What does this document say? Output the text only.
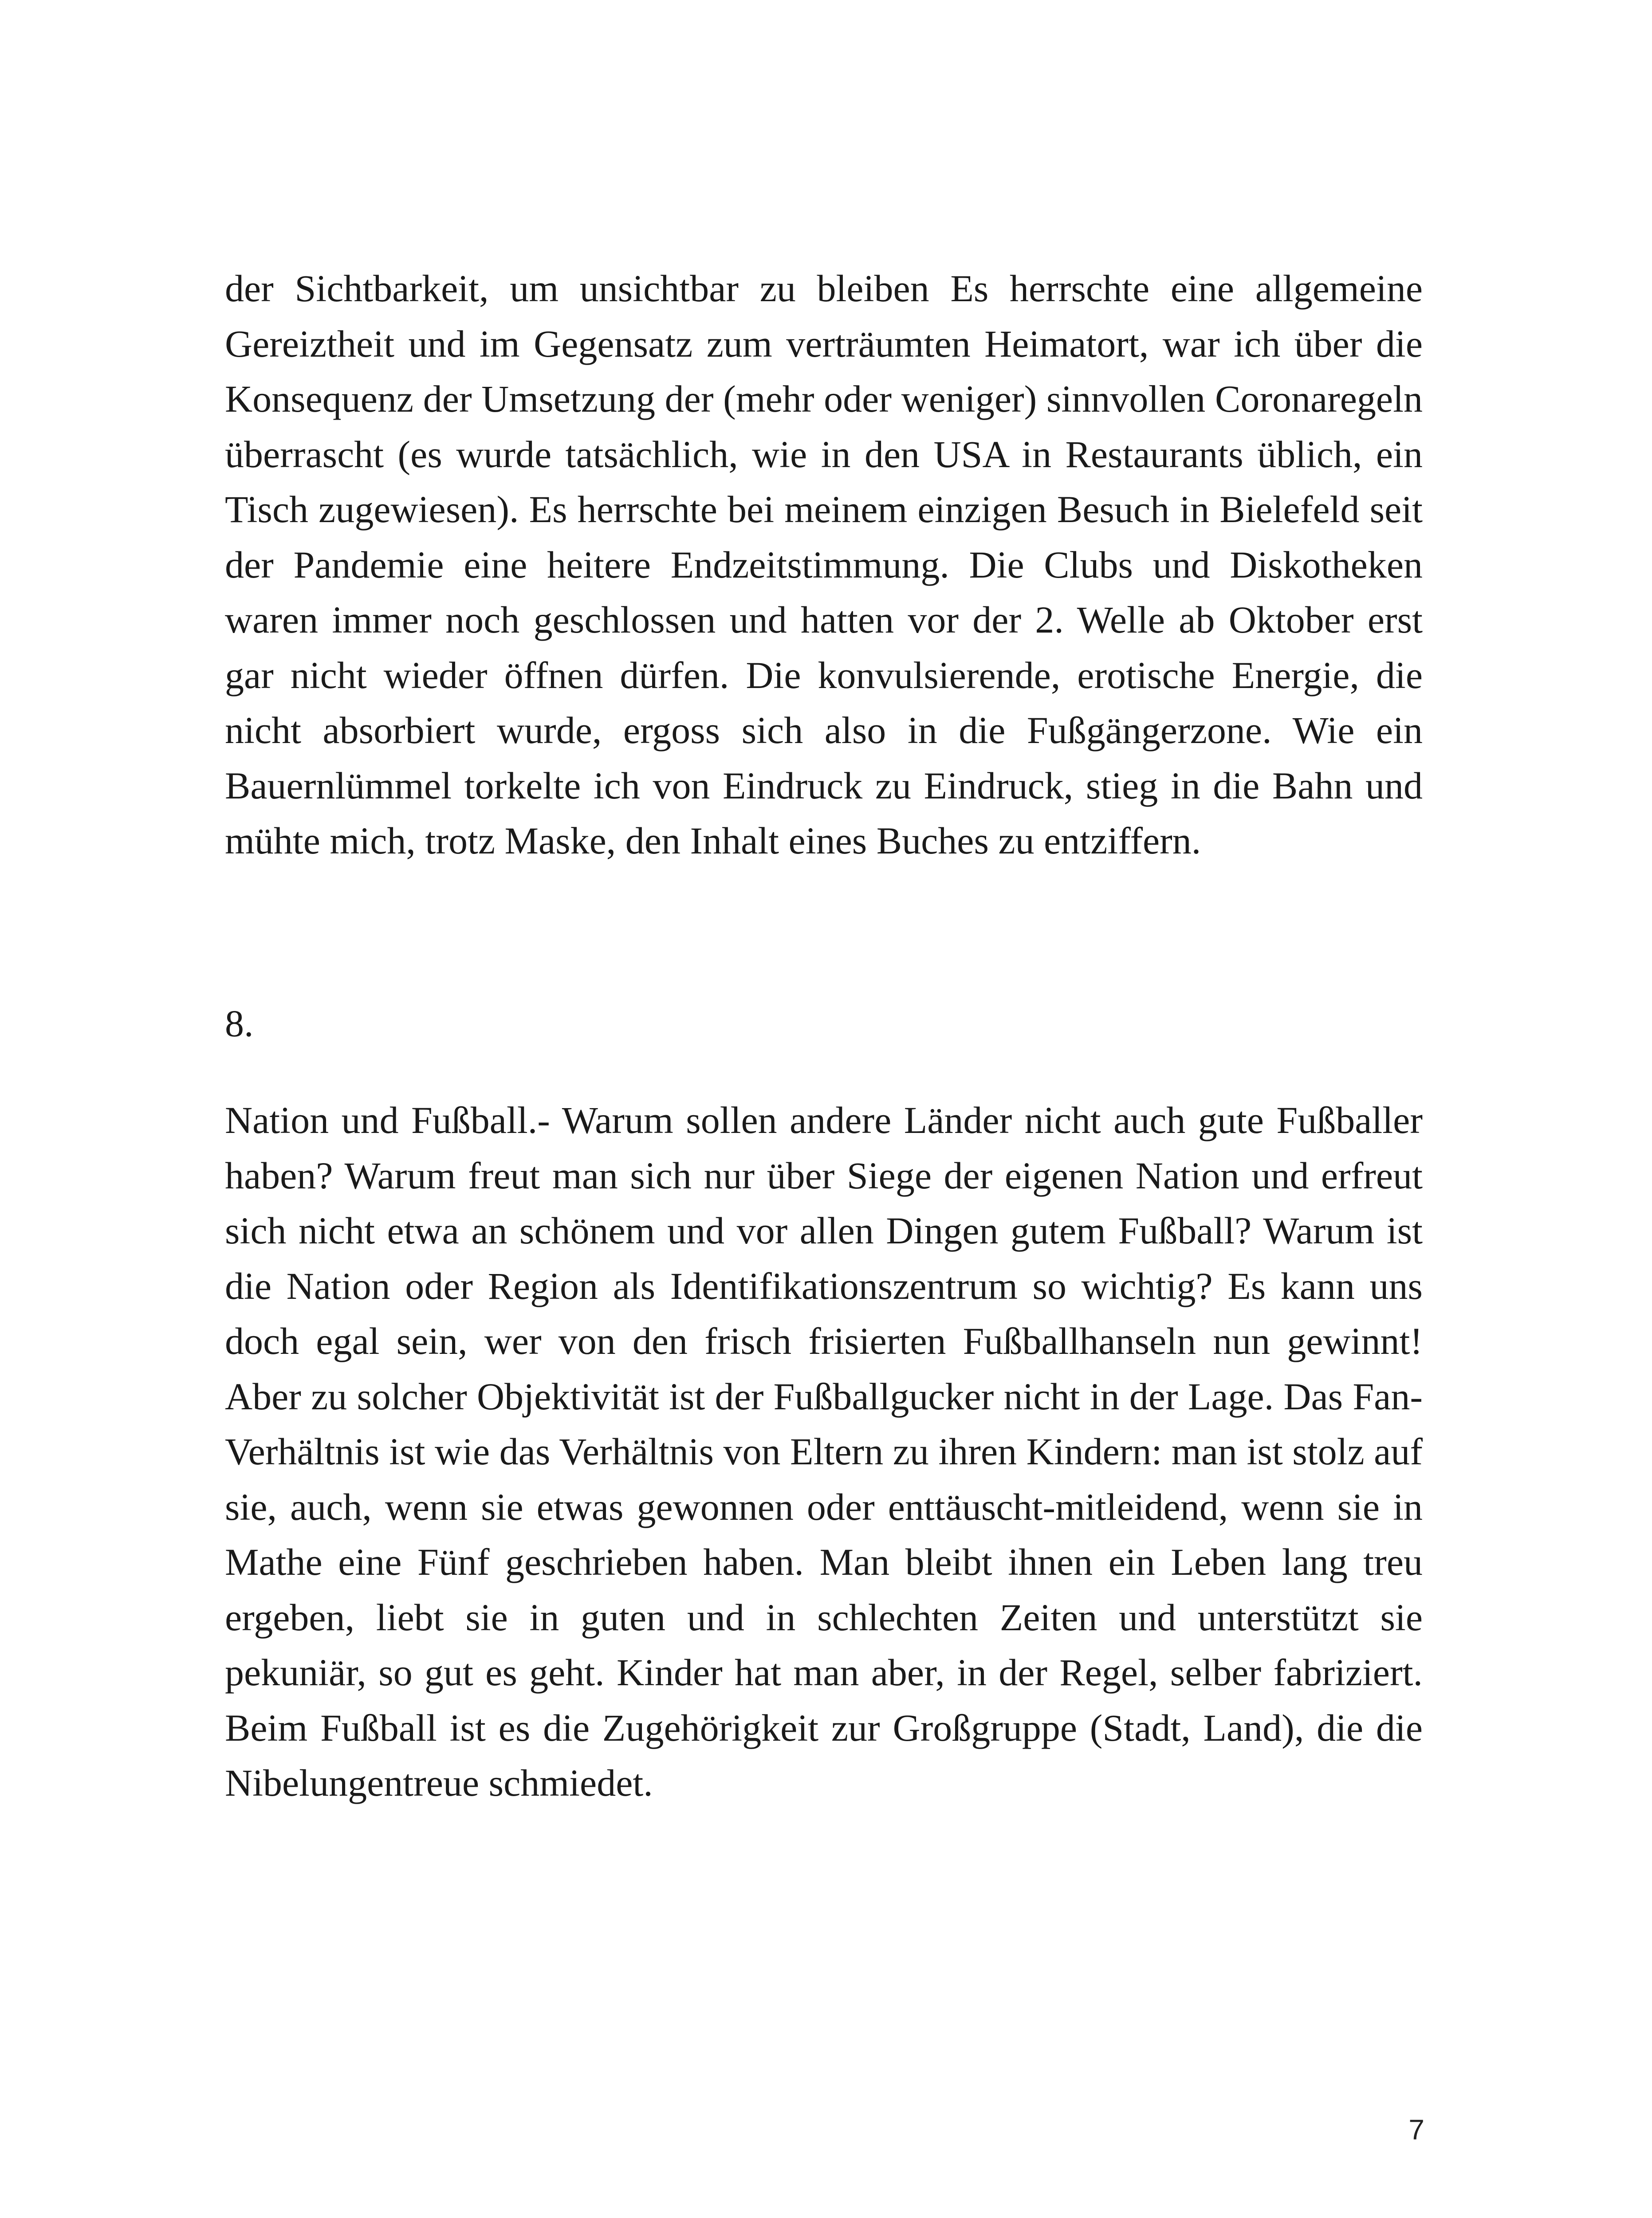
der Sichtbarkeit, um unsichtbar zu bleiben Es herrschte eine allgemeine Gereiztheit und im Gegensatz zum verträumten Heimatort, war ich über die Konsequenz der Umsetzung der (mehr oder weniger) sinnvollen Coronaregeln überrascht (es wurde tatsächlich, wie in den USA in Restaurants üblich, ein Tisch zugewiesen). Es herrschte bei meinem einzigen Besuch in Bielefeld seit der Pandemie eine heitere Endzeitstimmung. Die Clubs und Diskotheken waren immer noch geschlossen und hatten vor der 2. Welle ab Oktober erst gar nicht wieder öffnen dürfen. Die konvulsierende, erotische Energie, die nicht absorbiert wurde, ergoss sich also in die Fußgängerzone. Wie ein Bauernlümmel torkelte ich von Eindruck zu Eindruck, stieg in die Bahn und mühte mich, trotz Maske, den Inhalt eines Buches zu entziffern.

8.

Nation und Fußball.- Warum sollen andere Länder nicht auch gute Fußballer haben? Warum freut man sich nur über Siege der eigenen Nation und erfreut sich nicht etwa an schönem und vor allen Dingen gutem Fußball? Warum ist die Nation oder Region als Identifikationszentrum so wichtig? Es kann uns doch egal sein, wer von den frisch frisierten Fußballhanseln nun gewinnt! Aber zu solcher Objektivität ist der Fußballgucker nicht in der Lage. Das Fan-Verhältnis ist wie das Verhältnis von Eltern zu ihren Kindern: man ist stolz auf sie, auch, wenn sie etwas gewonnen oder enttäuscht-mitleidend, wenn sie in Mathe eine Fünf geschrieben haben. Man bleibt ihnen ein Leben lang treu ergeben, liebt sie in guten und in schlechten Zeiten und unterstützt sie pekuniär, so gut es geht. Kinder hat man aber, in der Regel, selber fabriziert. Beim Fußball ist es die Zugehörigkeit zur Großgruppe (Stadt, Land), die die Nibelungentreue schmiedet.

7
